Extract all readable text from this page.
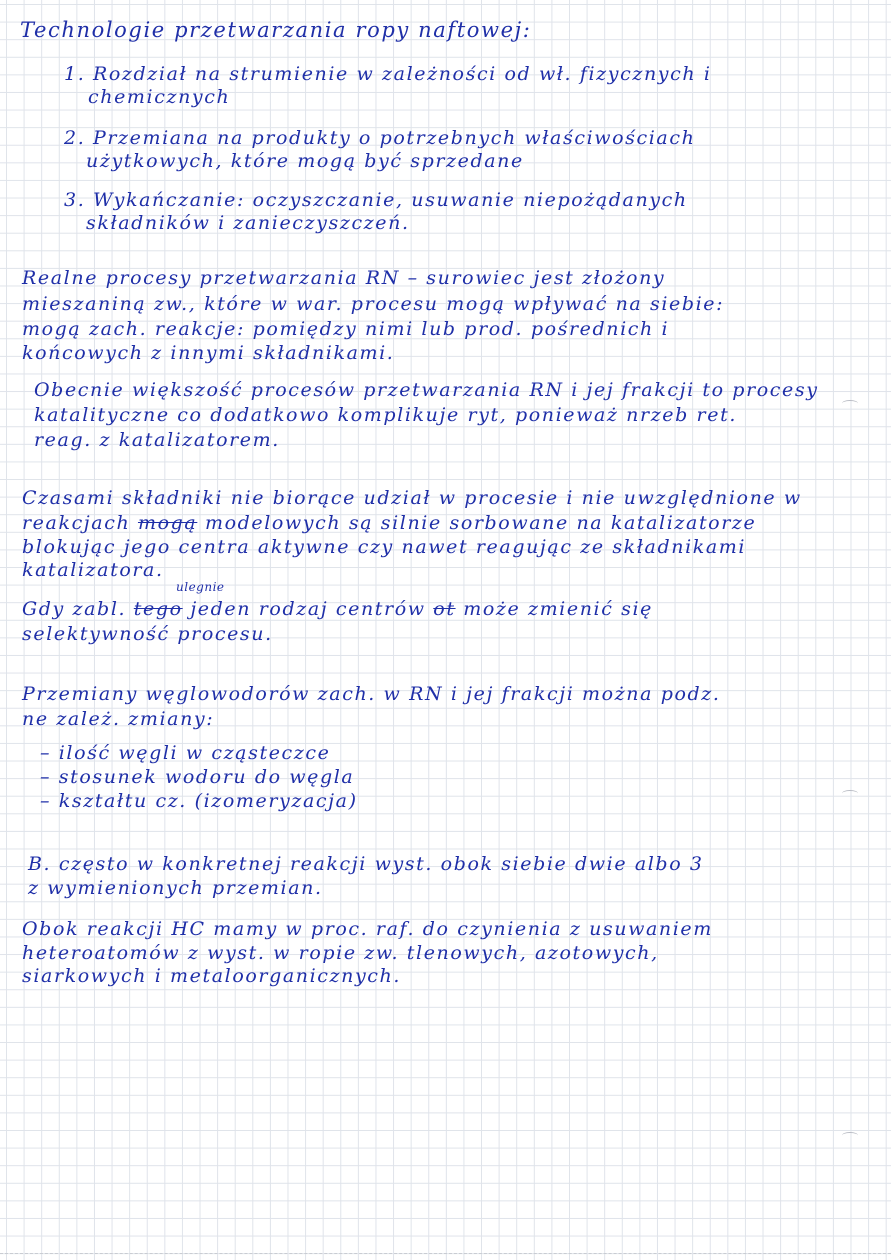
Technologie przetwarzania ropy naftowej:
1. Rozdział na strumienie w zależności od wł. fizycznych i
chemicznych
2. Przemiana na produkty o potrzebnych właściwościach
użytkowych, które mogą być sprzedane
3. Wykańczanie: oczyszczanie, usuwanie niepożądanych
składników i zanieczyszczeń.
Realne procesy przetwarzania RN – surowiec jest złożony
mieszaniną zw., które w war. procesu mogą wpływać na siebie:
mogą zach. reakcje: pomiędzy nimi lub prod. pośrednich i
końcowych z innymi składnikami.
Obecnie większość procesów przetwarzania RN i jej frakcji to procesy
katalityczne co dodatkowo komplikuje ryt, ponieważ nrzeb ret.
reag. z katalizatorem.
Czasami składniki nie biorące udział w procesie i nie uwzględnione w
reakcjach mogą modelowych są silnie sorbowane na katalizatorze
blokując jego centra aktywne czy nawet reagując ze składnikami
katalizatora.
ulegnie
Gdy zabl. tego jeden rodzaj centrów ot może zmienić się
selektywność procesu.
Przemiany węglowodorów zach. w RN i jej frakcji można podz.
ne zależ. zmiany:
– ilość węgli w cząsteczce
– stosunek wodoru do węgla
– kształtu cz. (izomeryzacja)
B. często w konkretnej reakcji wyst. obok siebie dwie albo 3
z wymienionych przemian.
Obok reakcji HC mamy w proc. raf. do czynienia z usuwaniem
heteroatomów z wyst. w ropie zw. tlenowych, azotowych,
siarkowych i metaloorganicznych.
